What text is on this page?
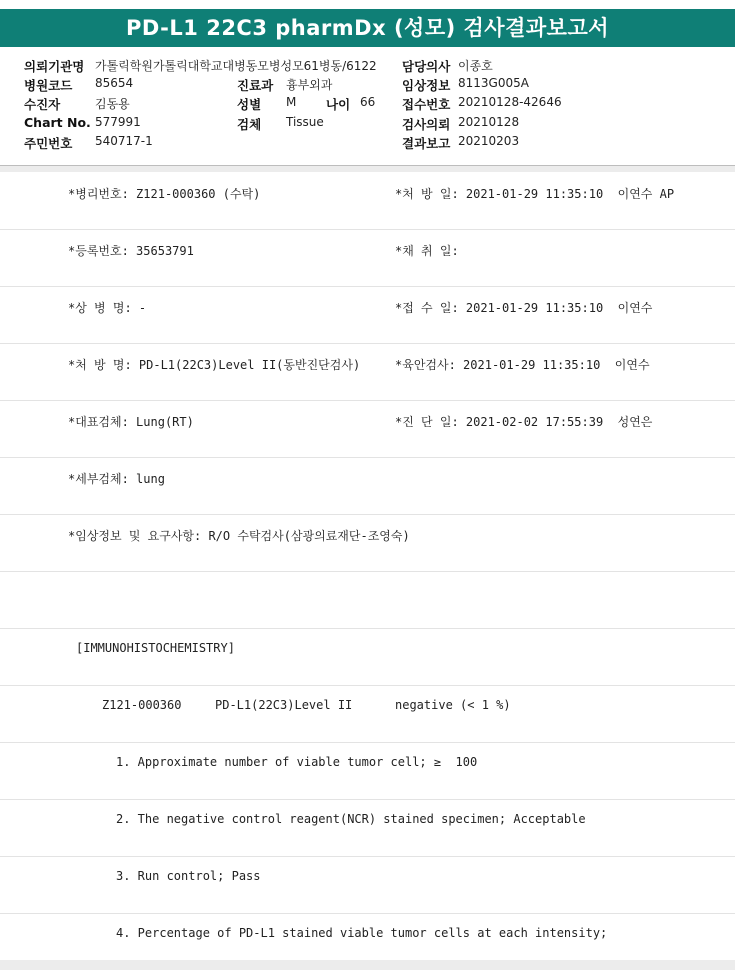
PD-L1 22C3 pharmDx (성모) 검사결과보고서
의뢰기관명 가톨릭학원가톨릭대학교대병동모병성모61병동/6122 담당의사 이종호
병원코드 85654	진료과 흉부외과	임상정보 8113G005A
수진자	김동용	성별 M 나이 66 접수번호 20210128-42646
Chart No. 577991	검체 Tissue	검사의뢰 20210128
주민번호 540717-1	결과보고 20210203
*병리번호: Z121-000360 (수탁)	*처 방 일: 2021-01-29 11:35:10  이연수 AP
*등록번호: 35653791	*채 취 일:
*상 병 명: -	*접 수 일: 2021-01-29 11:35:10  이연수
*처 방 명: PD-L1(22C3)Level II(동반진단검사)	*육안검사: 2021-01-29 11:35:10  이연수
*대표검체: Lung(RT)	*진 단 일: 2021-02-02 17:55:39  성연은
*세부검체: lung
*임상정보 및 요구사항: R/O 수탁검사(삼광의료재단-조영숙)
[IMMUNOHISTOCHEMISTRY]
Z121-000360	PD-L1(22C3)Level II	negative (< 1 %)
1. Approximate number of viable tumor cell; ≥  100
2. The negative control reagent(NCR) stained specimen; Acceptable
3. Run control; Pass
4. Percentage of PD-L1 stained viable tumor cells at each intensity;
